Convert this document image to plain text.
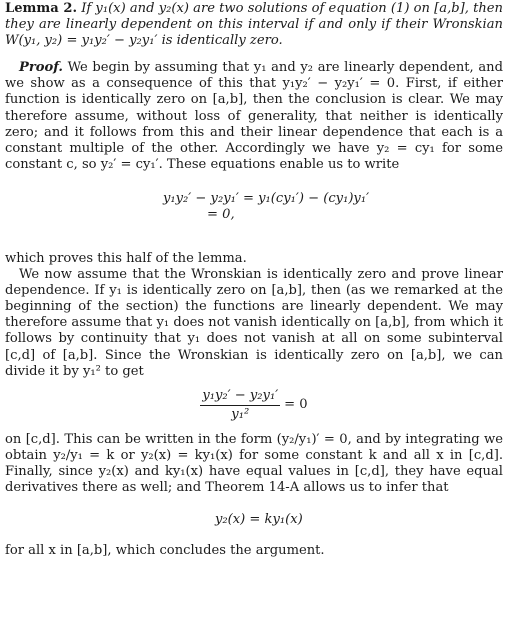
Lemma 2. If y₁(x) and y₂(x) are two solutions of equation (1) on [a,b], then they are linearly dependent on this interval if and only if their Wronskian W(y₁, y₂) = y₁y₂′ − y₂y₁′ is identically zero.

Proof. We begin by assuming that y₁ and y₂ are linearly dependent, and we show as a consequence of this that y₁y₂′ − y₂y₁′ = 0. First, if either function is identically zero on [a,b], then the conclusion is clear. We may therefore assume, without loss of generality, that neither is identically zero; and it follows from this and their linear dependence that each is a constant multiple of the other. Accordingly we have y₂ = cy₁ for some constant c, so y₂′ = cy₁′. These equations enable us to write

y₁y₂′ − y₂y₁′ = y₁(cy₁′) − (cy₁)y₁′
= 0,

which proves this half of the lemma.

We now assume that the Wronskian is identically zero and prove linear dependence. If y₁ is identically zero on [a,b], then (as we remarked at the beginning of the section) the functions are linearly dependent. We may therefore assume that y₁ does not vanish identically on [a,b], from which it follows by continuity that y₁ does not vanish at all on some subinterval [c,d] of [a,b]. Since the Wronskian is identically zero on [a,b], we can divide it by y₁² to get

$\frac{\text{y₁y₂′ − y₂y₁′}}{\text{y₁²}} = 0$

on [c,d]. This can be written in the form (y₂/y₁)′ = 0, and by integrating we obtain y₂/y₁ = k or y₂(x) = ky₁(x) for some constant k and all x in [c,d]. Finally, since y₂(x) and ky₁(x) have equal values in [c,d], they have equal derivatives there as well; and Theorem 14-A allows us to infer that

y₂(x) = ky₁(x)

for all x in [a,b], which concludes the argument.
